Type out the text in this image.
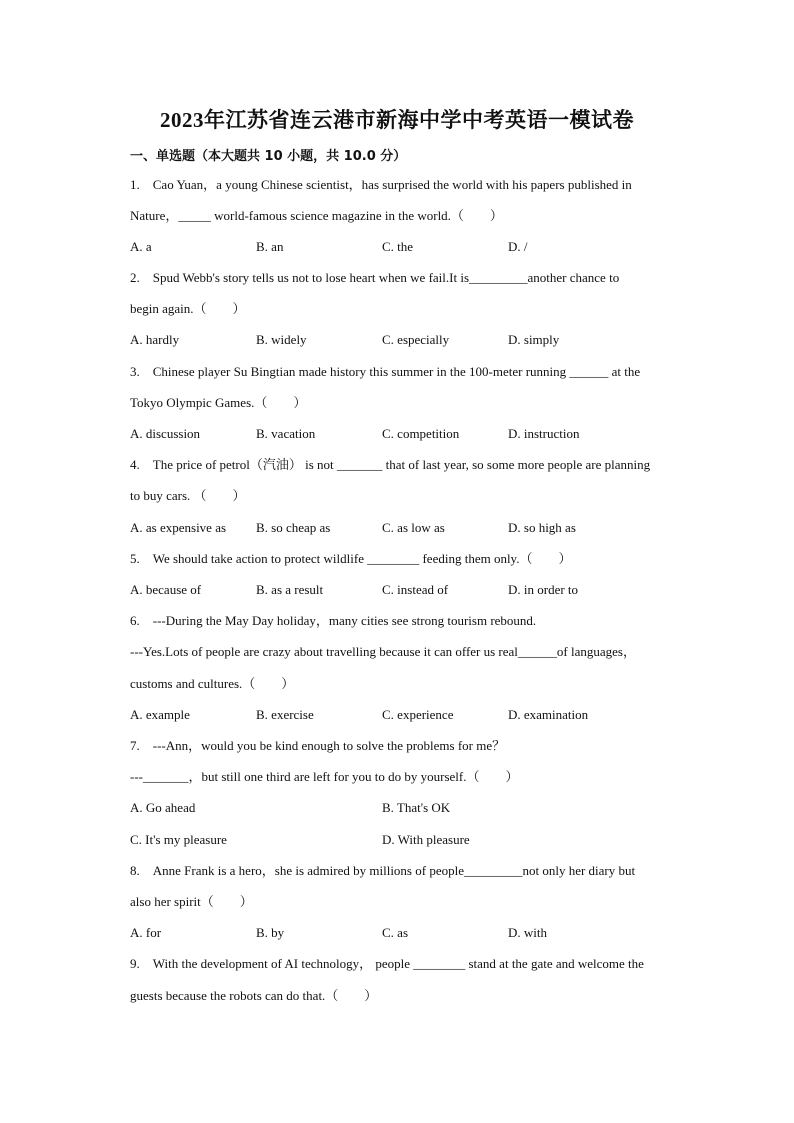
2023年江苏省连云港市新海中学中考英语一模试卷
一、单选题（本大题共 10 小题，共 10.0 分）
1.　Cao Yuan，a young Chinese scientist，has surprised the world with his papers published in
Nature，_____ world-famous science magazine in the world.（　　）
A. a	B. an	C. the	D. /
2.　Spud Webb's story tells us not to lose heart when we fail.It is_________another chance to
begin again.（　　）
A. hardly	B. widely	C. especially	D. simply
3.　Chinese player Su Bingtian made history this summer in the 100-meter running ______ at the
Tokyo Olympic Games.（　　）
A. discussion	B. vacation	C. competition	D. instruction
4.　The price of petrol（汽油） is not _______ that of last year, so some more people are planning
to buy cars. （　　）
A. as expensive as B. so cheap as	C. as low as	D. so high as
5.　We should take action to protect wildlife ________ feeding them only.（　　）
A. because of	B. as a result	C. instead of	D. in order to
6.　---During the May Day holiday，many cities see strong tourism rebound.
---Yes.Lots of people are crazy about travelling because it can offer us real______of languages，
customs and cultures.（　　）
A. example	B. exercise	C. experience	D. examination
7.　---Ann，would you be kind enough to solve the problems for me？
---_______，but still one third are left for you to do by yourself.（　　）
A. Go ahead	B. That's OK
C. It's my pleasure	D. With pleasure
8.　Anne Frank is a hero，she is admired by millions of people_________not only her diary but
also her spirit（　　）
A. for	B. by	C. as	D. with
9.　With the development of AI technology， people ________ stand at the gate and welcome the
guests because the robots can do that.（　　）
